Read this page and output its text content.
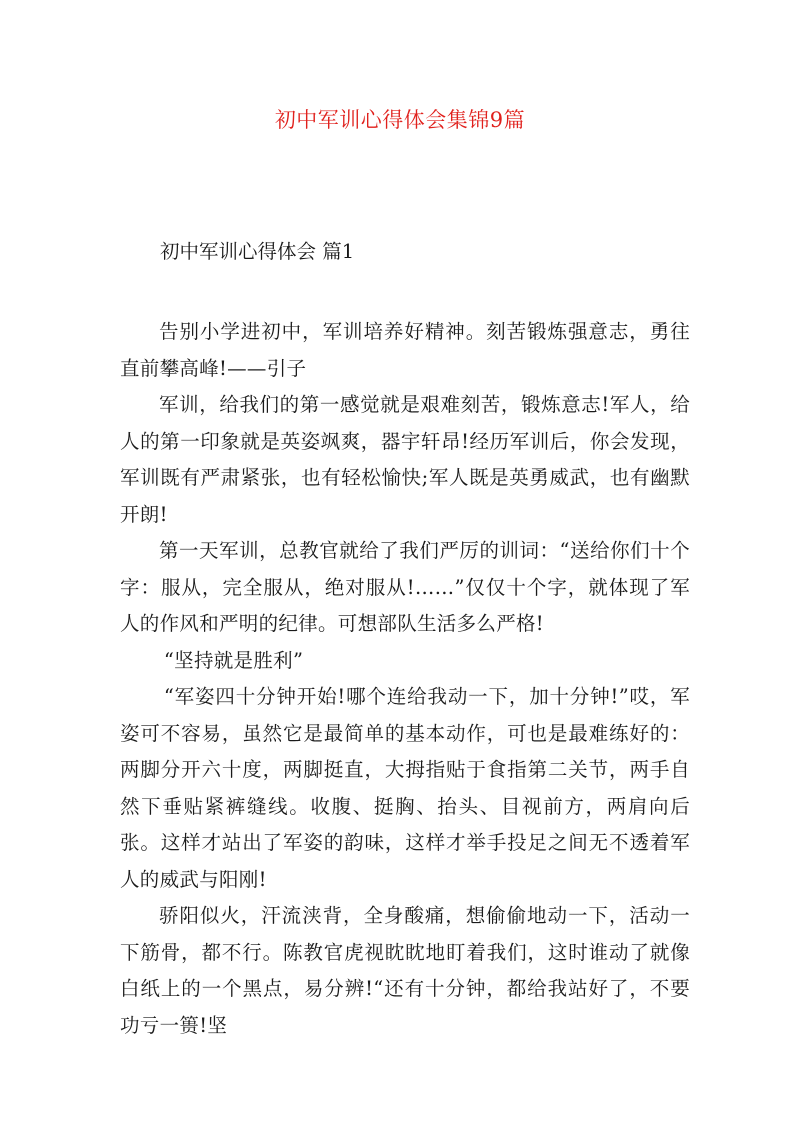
初中军训心得体会集锦9篇
初中军训心得体会 篇1

告别小学进初中，军训培养好精神。刻苦锻炼强意志，勇往直前攀高峰!——引子

军训，给我们的第一感觉就是艰难刻苦，锻炼意志!军人，给人的第一印象就是英姿飒爽，器宇轩昂!经历军训后，你会发现，军训既有严肃紧张，也有轻松愉快;军人既是英勇威武，也有幽默开朗!

第一天军训，总教官就给了我们严厉的训词：“送给你们十个字：服从，完全服从，绝对服从!……”仅仅十个字，就体现了军人的作风和严明的纪律。可想部队生活多么严格!

“坚持就是胜利”

“军姿四十分钟开始!哪个连给我动一下，加十分钟!”哎，军姿可不容易，虽然它是最简单的基本动作，可也是最难练好的：两脚分开六十度，两脚挺直，大拇指贴于食指第二关节，两手自然下垂贴紧裤缝线。收腹、挺胸、抬头、目视前方，两肩向后张。这样才站出了军姿的韵味，这样才举手投足之间无不透着军人的威武与阳刚!

骄阳似火，汗流浃背，全身酸痛，想偷偷地动一下，活动一下筋骨，都不行。陈教官虎视眈眈地盯着我们，这时谁动了就像白纸上的一个黑点，易分辨!“还有十分钟，都给我站好了，不要功亏一篑!坚
